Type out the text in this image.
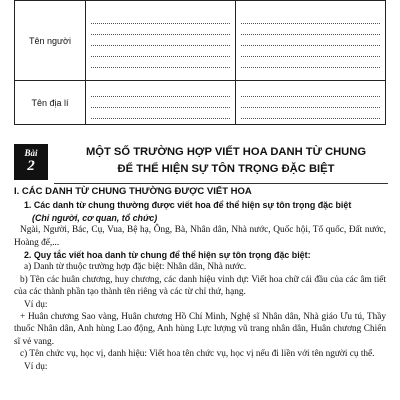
Tên người	

Tên địa lí	

Bài
2
MỘT SỐ TRƯỜNG HỢP VIẾT HOA DANH TỪ CHUNG
ĐỂ THỂ HIỆN SỰ TÔN TRỌNG ĐẶC BIỆT
I. CÁC DANH TỪ CHUNG THƯỜNG ĐƯỢC VIẾT HOA
1. Các danh từ chung thường được viết hoa để thể hiện sự tôn trọng đặc biệt
(Chỉ người, cơ quan, tổ chức)

Ngài, Người, Bác, Cụ, Vua, Bệ hạ, Ông, Bà, Nhân dân, Nhà nước, Quốc hội, Tổ quốc, Đất nước, Hoàng đế,...

2. Quy tắc viết hoa danh từ chung để thể hiện sự tôn trọng đặc biệt:

a) Danh từ thuộc trường hợp đặc biệt: Nhân dân, Nhà nước.

b) Tên các huân chương, huy chương, các danh hiệu vinh dự: Viết hoa chữ cái đầu của các âm tiết của các thành phần tạo thành tên riêng và các từ chỉ thứ, hạng.

Ví dụ:

+ Huân chương Sao vàng, Huân chương Hồ Chí Minh, Nghệ sĩ Nhân dân, Nhà giáo Ưu tú, Thầy thuốc Nhân dân, Anh hùng Lao động, Anh hùng Lực lượng vũ trang nhân dân, Huân chương Chiến sĩ vẻ vang.

c) Tên chức vụ, học vị, danh hiệu: Viết hoa tên chức vụ, học vị nếu đi liền với tên người cụ thể.

Ví dụ:
